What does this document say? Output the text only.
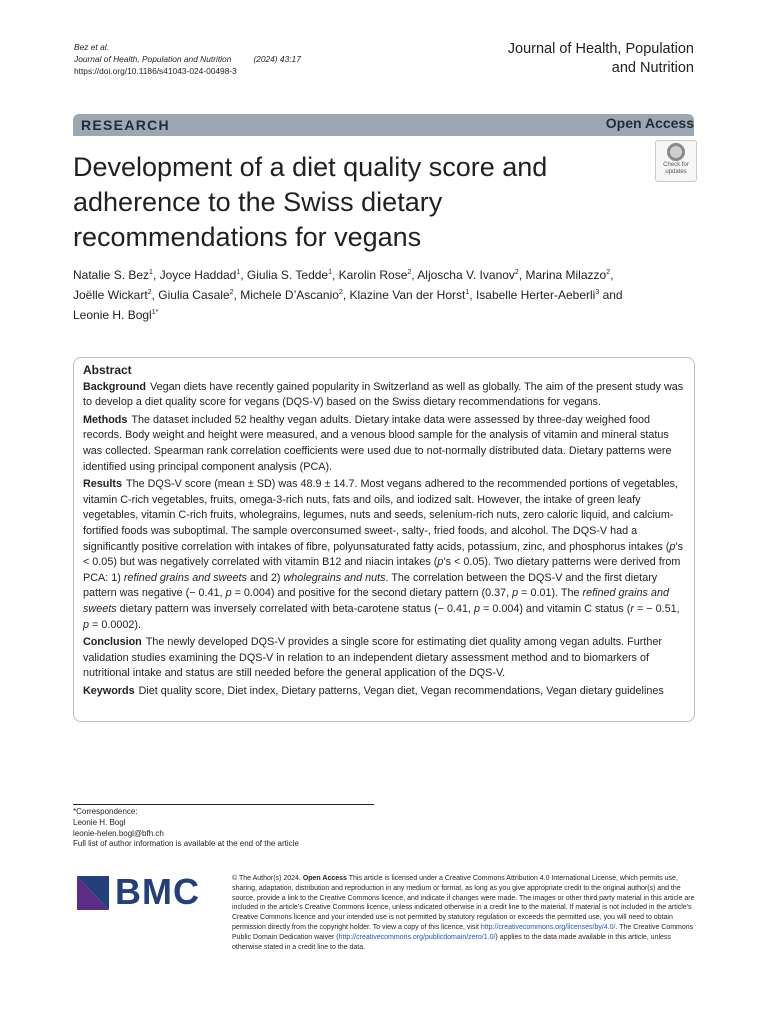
Bez et al.
Journal of Health, Population and Nutrition	(2024) 43:17
https://doi.org/10.1186/s41043-024-00498-3
Journal of Health, Population
and Nutrition
RESEARCH	Open Access
Development of a diet quality score and adherence to the Swiss dietary recommendations for vegans
Check for
updates
Natalie S. Bez$^1$, Joyce Haddad$^1$, Giulia S. Tedde$^1$, Karolin Rose$^2$, Aljoscha V. Ivanov$^2$, Marina Milazzo$^2$,
Joëlle Wickart$^2$, Giulia Casale$^2$, Michele D’Ascanio$^2$, Klazine Van der Horst$^1$, Isabelle Herter‑Aeberli$^3$ and
Leonie H. Bogl$^{1*}$
Abstract

Background Vegan diets have recently gained popularity in Switzerland as well as globally. The aim of the present study was to develop a diet quality score for vegans (DQS-V) based on the Swiss dietary recommendations for vegans.

Methods The dataset included 52 healthy vegan adults. Dietary intake data were assessed by three-day weighed food records. Body weight and height were measured, and a venous blood sample for the analysis of vitamin and mineral status was collected. Spearman rank correlation coefficients were used due to not-normally distributed data. Dietary patterns were identified using principal component analysis (PCA).

Results The DQS-V score (mean ± SD) was 48.9 ± 14.7. Most vegans adhered to the recommended portions of vegetables, vitamin C-rich vegetables, fruits, omega-3-rich nuts, fats and oils, and iodized salt. However, the intake of green leafy vegetables, vitamin C-rich fruits, wholegrains, legumes, nuts and seeds, selenium-rich nuts, zero caloric liquid, and calcium-fortified foods was suboptimal. The sample overconsumed sweet-, salty-, fried foods, and alcohol. The DQS-V had a significantly positive correlation with intakes of fibre, polyunsaturated fatty acids, potassium, zinc, and phosphorus intakes (p’s < 0.05) but was negatively correlated with vitamin B12 and niacin intakes (p’s < 0.05). Two dietary patterns were derived from PCA: 1) refined grains and sweets and 2) wholegrains and nuts. The correlation between the DQS-V and the first dietary pattern was negative (− 0.41, p = 0.004) and positive for the second dietary pattern (0.37, p = 0.01). The refined grains and sweets dietary pattern was inversely correlated with beta-carotene status (− 0.41, p = 0.004) and vitamin C status (r = − 0.51, p = 0.0002).

Conclusion The newly developed DQS-V provides a single score for estimating diet quality among vegan adults. Further validation studies examining the DQS-V in relation to an independent dietary assessment method and to biomarkers of nutritional intake and status are still needed before the general application of the DQS-V.

Keywords Diet quality score, Diet index, Dietary patterns, Vegan diet, Vegan recommendations, Vegan dietary guidelines

*Correspondence:
Leonie H. Bogl
leonie-helen.bogl@bfh.ch
Full list of author information is available at the end of the article
BMC	© The Author(s) 2024. Open Access This article is licensed under a Creative Commons Attribution 4.0 International License, which permits use, sharing, adaptation, distribution and reproduction in any medium or format, as long as you give appropriate credit to the original author(s) and the source, provide a link to the Creative Commons licence, and indicate if changes were made. The images or other third party material in this article are included in the article’s Creative Commons licence, unless indicated otherwise in a credit line to the material. If material is not included in the article’s Creative Commons licence and your intended use is not permitted by statutory regulation or exceeds the permitted use, you will need to obtain permission directly from the copyright holder. To view a copy of this licence, visit http://creativecommons.org/licenses/by/4.0/. The Creative Commons Public Domain Dedication waiver (http://creativecommons.org/publicdomain/zero/1.0/) applies to the data made available in this article, unless otherwise stated in a credit line to the data.
